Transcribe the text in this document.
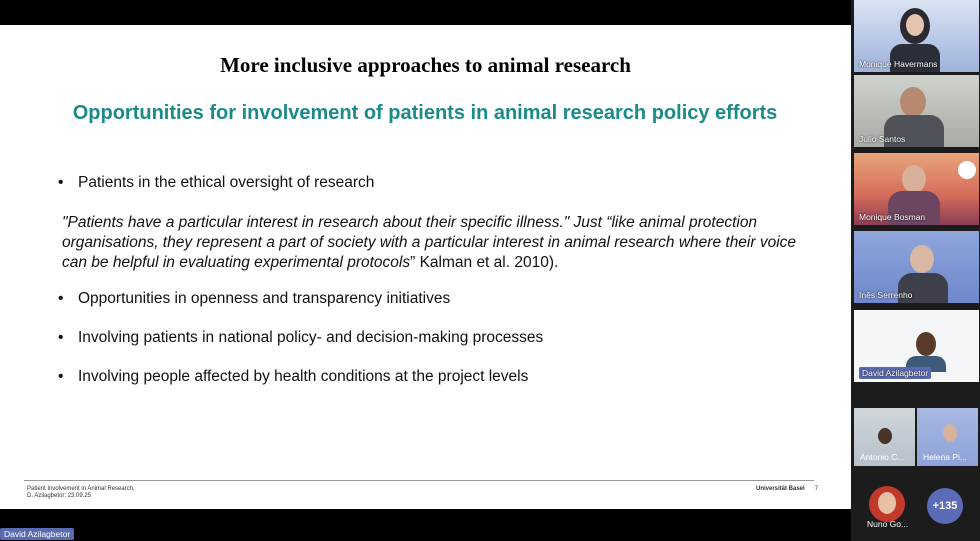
More inclusive approaches to animal research
Opportunities for involvement of patients in animal research policy efforts
• Patients in the ethical oversight of research
"Patients have a particular interest in research about their specific illness." Just “like animal protection organisations, they represent a part of society with a particular interest in animal research where their voice can be helpful in evaluating experimental protocols” Kalman et al. 2010).
• Opportunities in openness and transparency initiatives
• Involving patients in national policy- and decision-making processes
• Involving people affected by health conditions at the project levels
Patient Involvement in Animal Research,
D. Azilagbetor; 23.09.25
Universität Basel 7
Monique Havermans
Julio Santos
Monique Bosman
Inês Serrenho
David Azilagbetor
Antonio C... Helena Pi...
Nuno Go...
+135
David Azilagbetor
